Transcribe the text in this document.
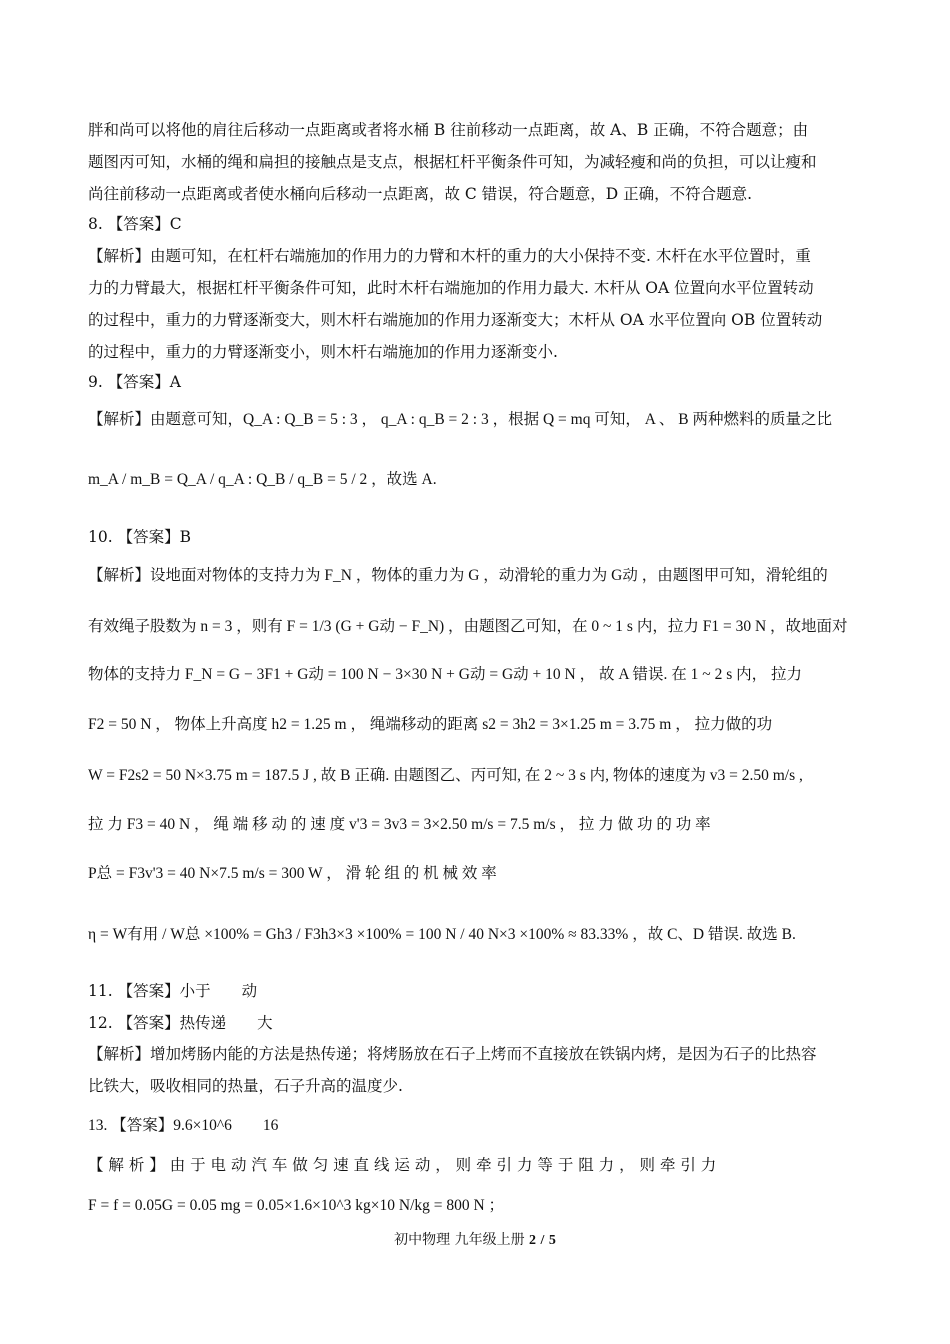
胖和尚可以将他的肩往后移动一点距离或者将水桶 B 往前移动一点距离，故 A、B 正确，不符合题意；由
题图丙可知，水桶的绳和扁担的接触点是支点，根据杠杆平衡条件可知，为减轻瘦和尚的负担，可以让瘦和
尚往前移动一点距离或者使水桶向后移动一点距离，故 C 错误，符合题意，D 正确，不符合题意.
8. 【答案】C
【解析】由题可知，在杠杆右端施加的作用力的力臂和木杆的重力的大小保持不变. 木杆在水平位置时，重
力的力臂最大，根据杠杆平衡条件可知，此时木杆右端施加的作用力最大. 木杆从 OA 位置向水平位置转动
的过程中，重力的力臂逐渐变大，则木杆右端施加的作用力逐渐变大；木杆从 OA 水平位置向 OB 位置转动
的过程中，重力的力臂逐渐变小，则木杆右端施加的作用力逐渐变小.
9. 【答案】A
【解析】由题意可知，Q_A : Q_B = 5 : 3 ， q_A : q_B = 2 : 3 ，根据 Q = mq 可知， A 、 B 两种燃料的质量之比
m_A / m_B = Q_A / q_A : Q_B / q_B = 5 / 2 ，故选 A.
10. 【答案】B
【解析】设地面对物体的支持力为 F_N ，物体的重力为 G ，动滑轮的重力为 G动 ，由题图甲可知，滑轮组的
有效绳子股数为 n = 3 ，则有 F = 1/3 (G + G动 − F_N) ，由题图乙可知，在 0 ~ 1 s 内，拉力 F1 = 30 N ，故地面对
物体的支持力 F_N = G − 3F1 + G动 = 100 N − 3×30 N + G动 = G动 + 10 N ， 故 A 错误. 在 1 ~ 2 s 内， 拉力
F2 = 50 N ， 物体上升高度 h2 = 1.25 m ， 绳端移动的距离 s2 = 3h2 = 3×1.25 m = 3.75 m ， 拉力做的功
W = F2s2 = 50 N×3.75 m = 187.5 J , 故 B 正确. 由题图乙、丙可知, 在 2 ~ 3 s 内, 物体的速度为 v3 = 2.50 m/s ,
拉 力 F3 = 40 N ， 绳 端 移 动 的 速 度 v'3 = 3v3 = 3×2.50 m/s = 7.5 m/s ， 拉 力 做 功 的 功 率
P总 = F3v'3 = 40 N×7.5 m/s = 300 W ， 滑 轮 组 的 机 械 效 率
η = W有用 / W总 ×100% = Gh3 / F3h3×3 ×100% = 100 N / 40 N×3 ×100% ≈ 83.33% ，故 C、D 错误. 故选 B.
11. 【答案】小于　　动
12. 【答案】热传递　　大
【解析】增加烤肠内能的方法是热传递；将烤肠放在石子上烤而不直接放在铁锅内烤，是因为石子的比热容
比铁大，吸收相同的热量，石子升高的温度少.
13. 【答案】9.6×10^6　　16
【 解 析 】 由 于 电 动 汽 车 做 匀 速 直 线 运 动 ， 则 牵 引 力 等 于 阻 力 ， 则 牵 引 力
F = f = 0.05G = 0.05 mg = 0.05×1.6×10^3 kg×10 N/kg = 800 N ；
初中物理 九年级上册 2 / 5
